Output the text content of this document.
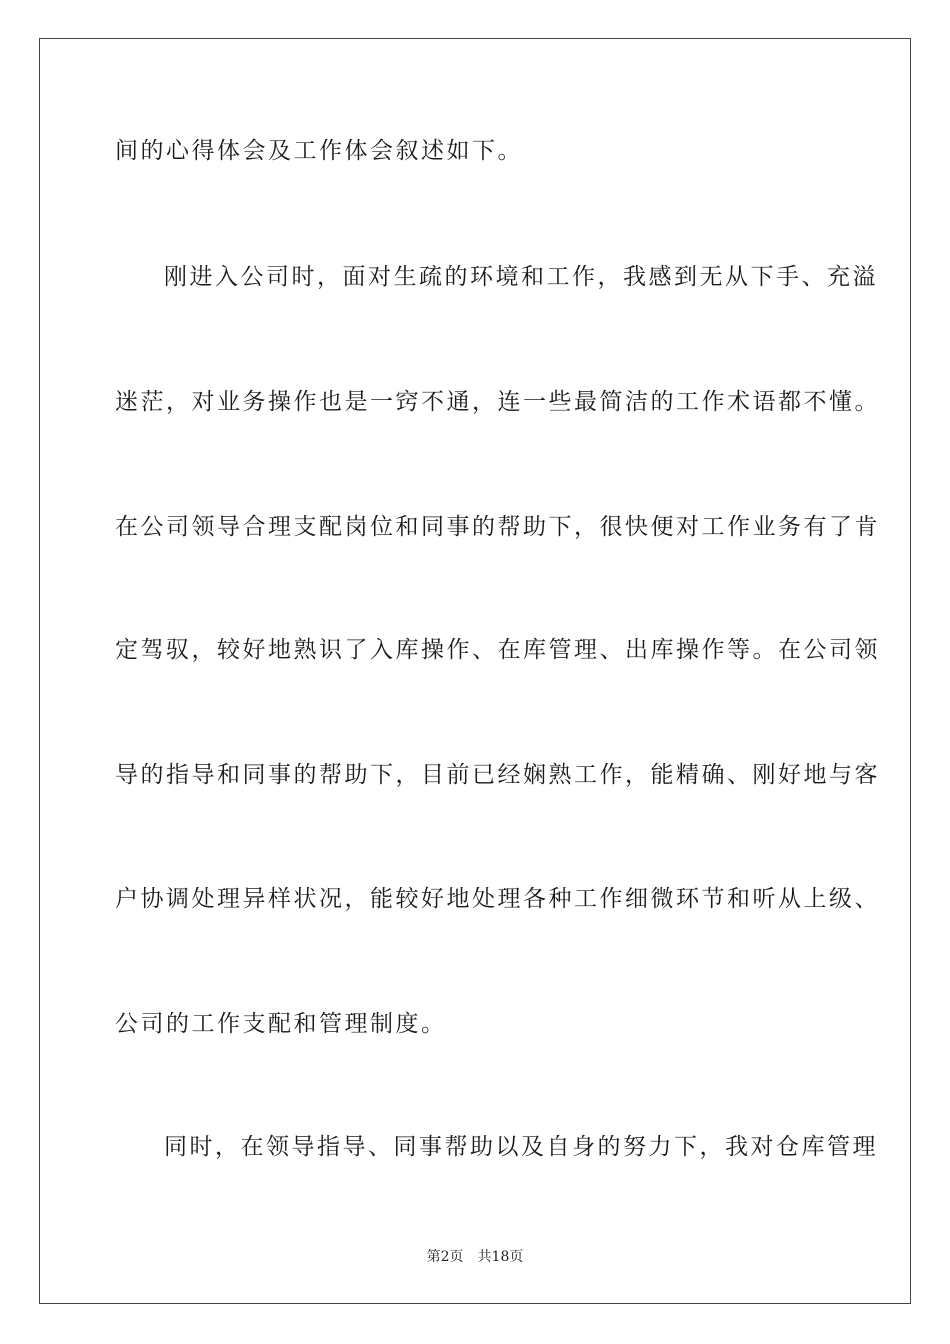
间的心得体会及工作体会叙述如下。
刚进入公司时，面对生疏的环境和工作，我感到无从下手、充溢
迷茫，对业务操作也是一窍不通，连一些最简洁的工作术语都不懂。
在公司领导合理支配岗位和同事的帮助下，很快便对工作业务有了肯
定驾驭，较好地熟识了入库操作、在库管理、出库操作等。在公司领
导的指导和同事的帮助下，目前已经娴熟工作，能精确、刚好地与客
户协调处理异样状况，能较好地处理各种工作细微环节和听从上级、
公司的工作支配和管理制度。
同时，在领导指导、同事帮助以及自身的努力下，我对仓库管理
第2页 共18页
